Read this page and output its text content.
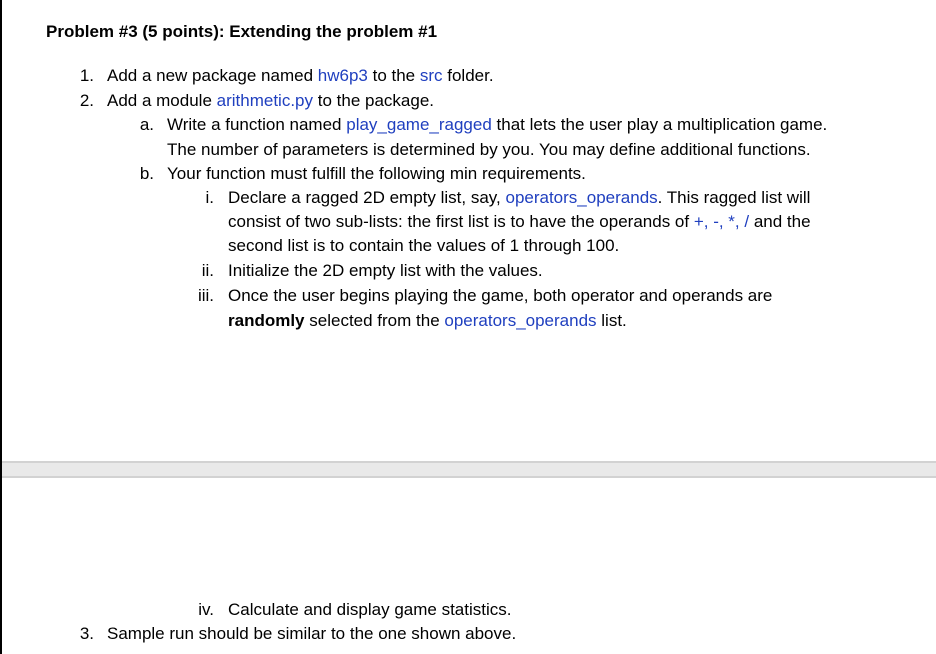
Problem #3 (5 points): Extending the problem #1
1. Add a new package named hw6p3 to the src folder.
2. Add a module arithmetic.py to the package.
a. Write a function named play_game_ragged that lets the user play a multiplication game.
The number of parameters is determined by you. You may define additional functions.
b. Your function must fulfill the following min requirements.
i. Declare a ragged 2D empty list, say, operators_operands. This ragged list will
consist of two sub-lists: the first list is to have the operands of +, -, *, / and the
second list is to contain the values of 1 through 100.
ii. Initialize the 2D empty list with the values.
iii. Once the user begins playing the game, both operator and operands are
randomly selected from the operators_operands list.
iv. Calculate and display game statistics.
3. Sample run should be similar to the one shown above.
